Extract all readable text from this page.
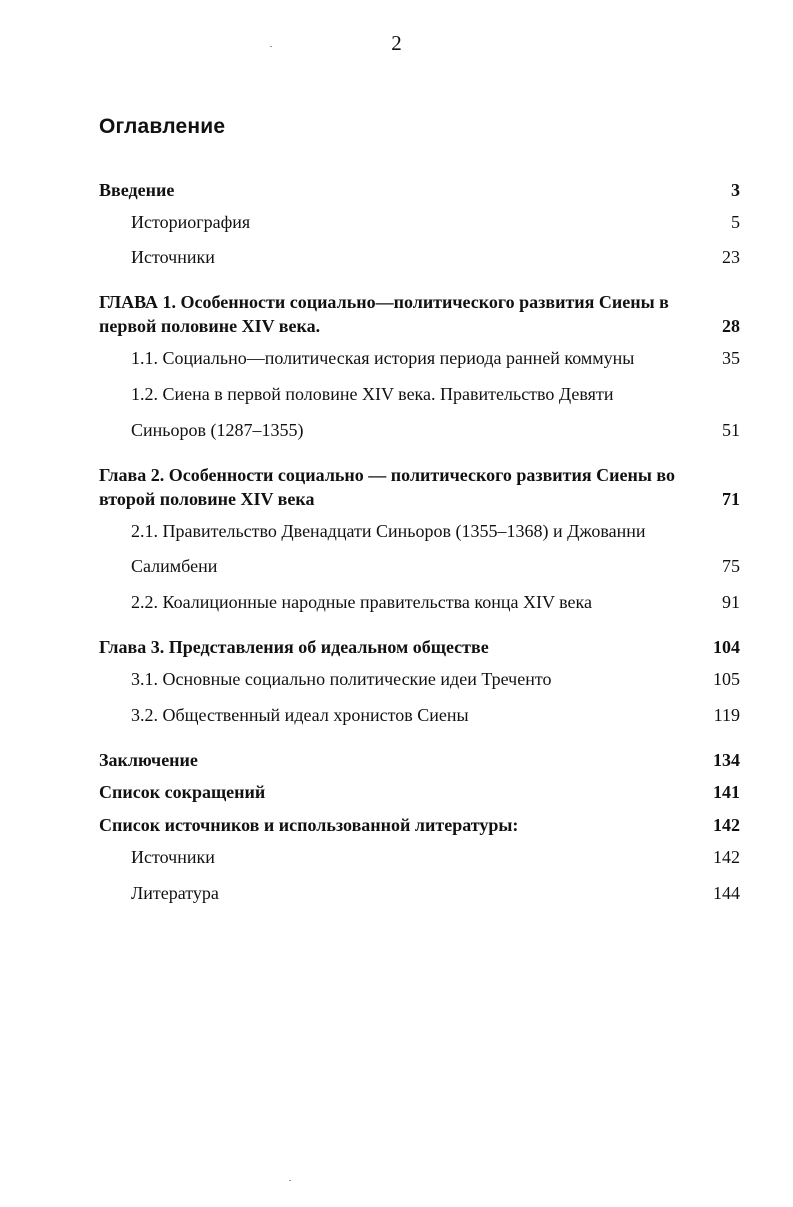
2
Оглавление
Введение	3
Историография	5
Источники	23
ГЛАВА 1. Особенности социально—политического развития Сиены в
первой половине XIV века.	28
1.1. Социально—политическая история периода ранней коммуны	35
1.2. Сиена в первой половине XIV века. Правительство Девяти
Синьоров (1287–1355)	51
Глава 2. Особенности социально — политического развития Сиены во
второй половине XIV века	71
2.1. Правительство Двенадцати Синьоров (1355–1368) и Джованни
Салимбени	75
2.2. Коалиционные народные правительства конца XIV века	91
Глава 3. Представления об идеальном обществе	104
3.1. Основные социально политические идеи Треченто	105
3.2. Общественный идеал хронистов Сиены	119
Заключение	134
Список сокращений	141
Список источников и использованной литературы:	142
Источники	142
Литература	144
